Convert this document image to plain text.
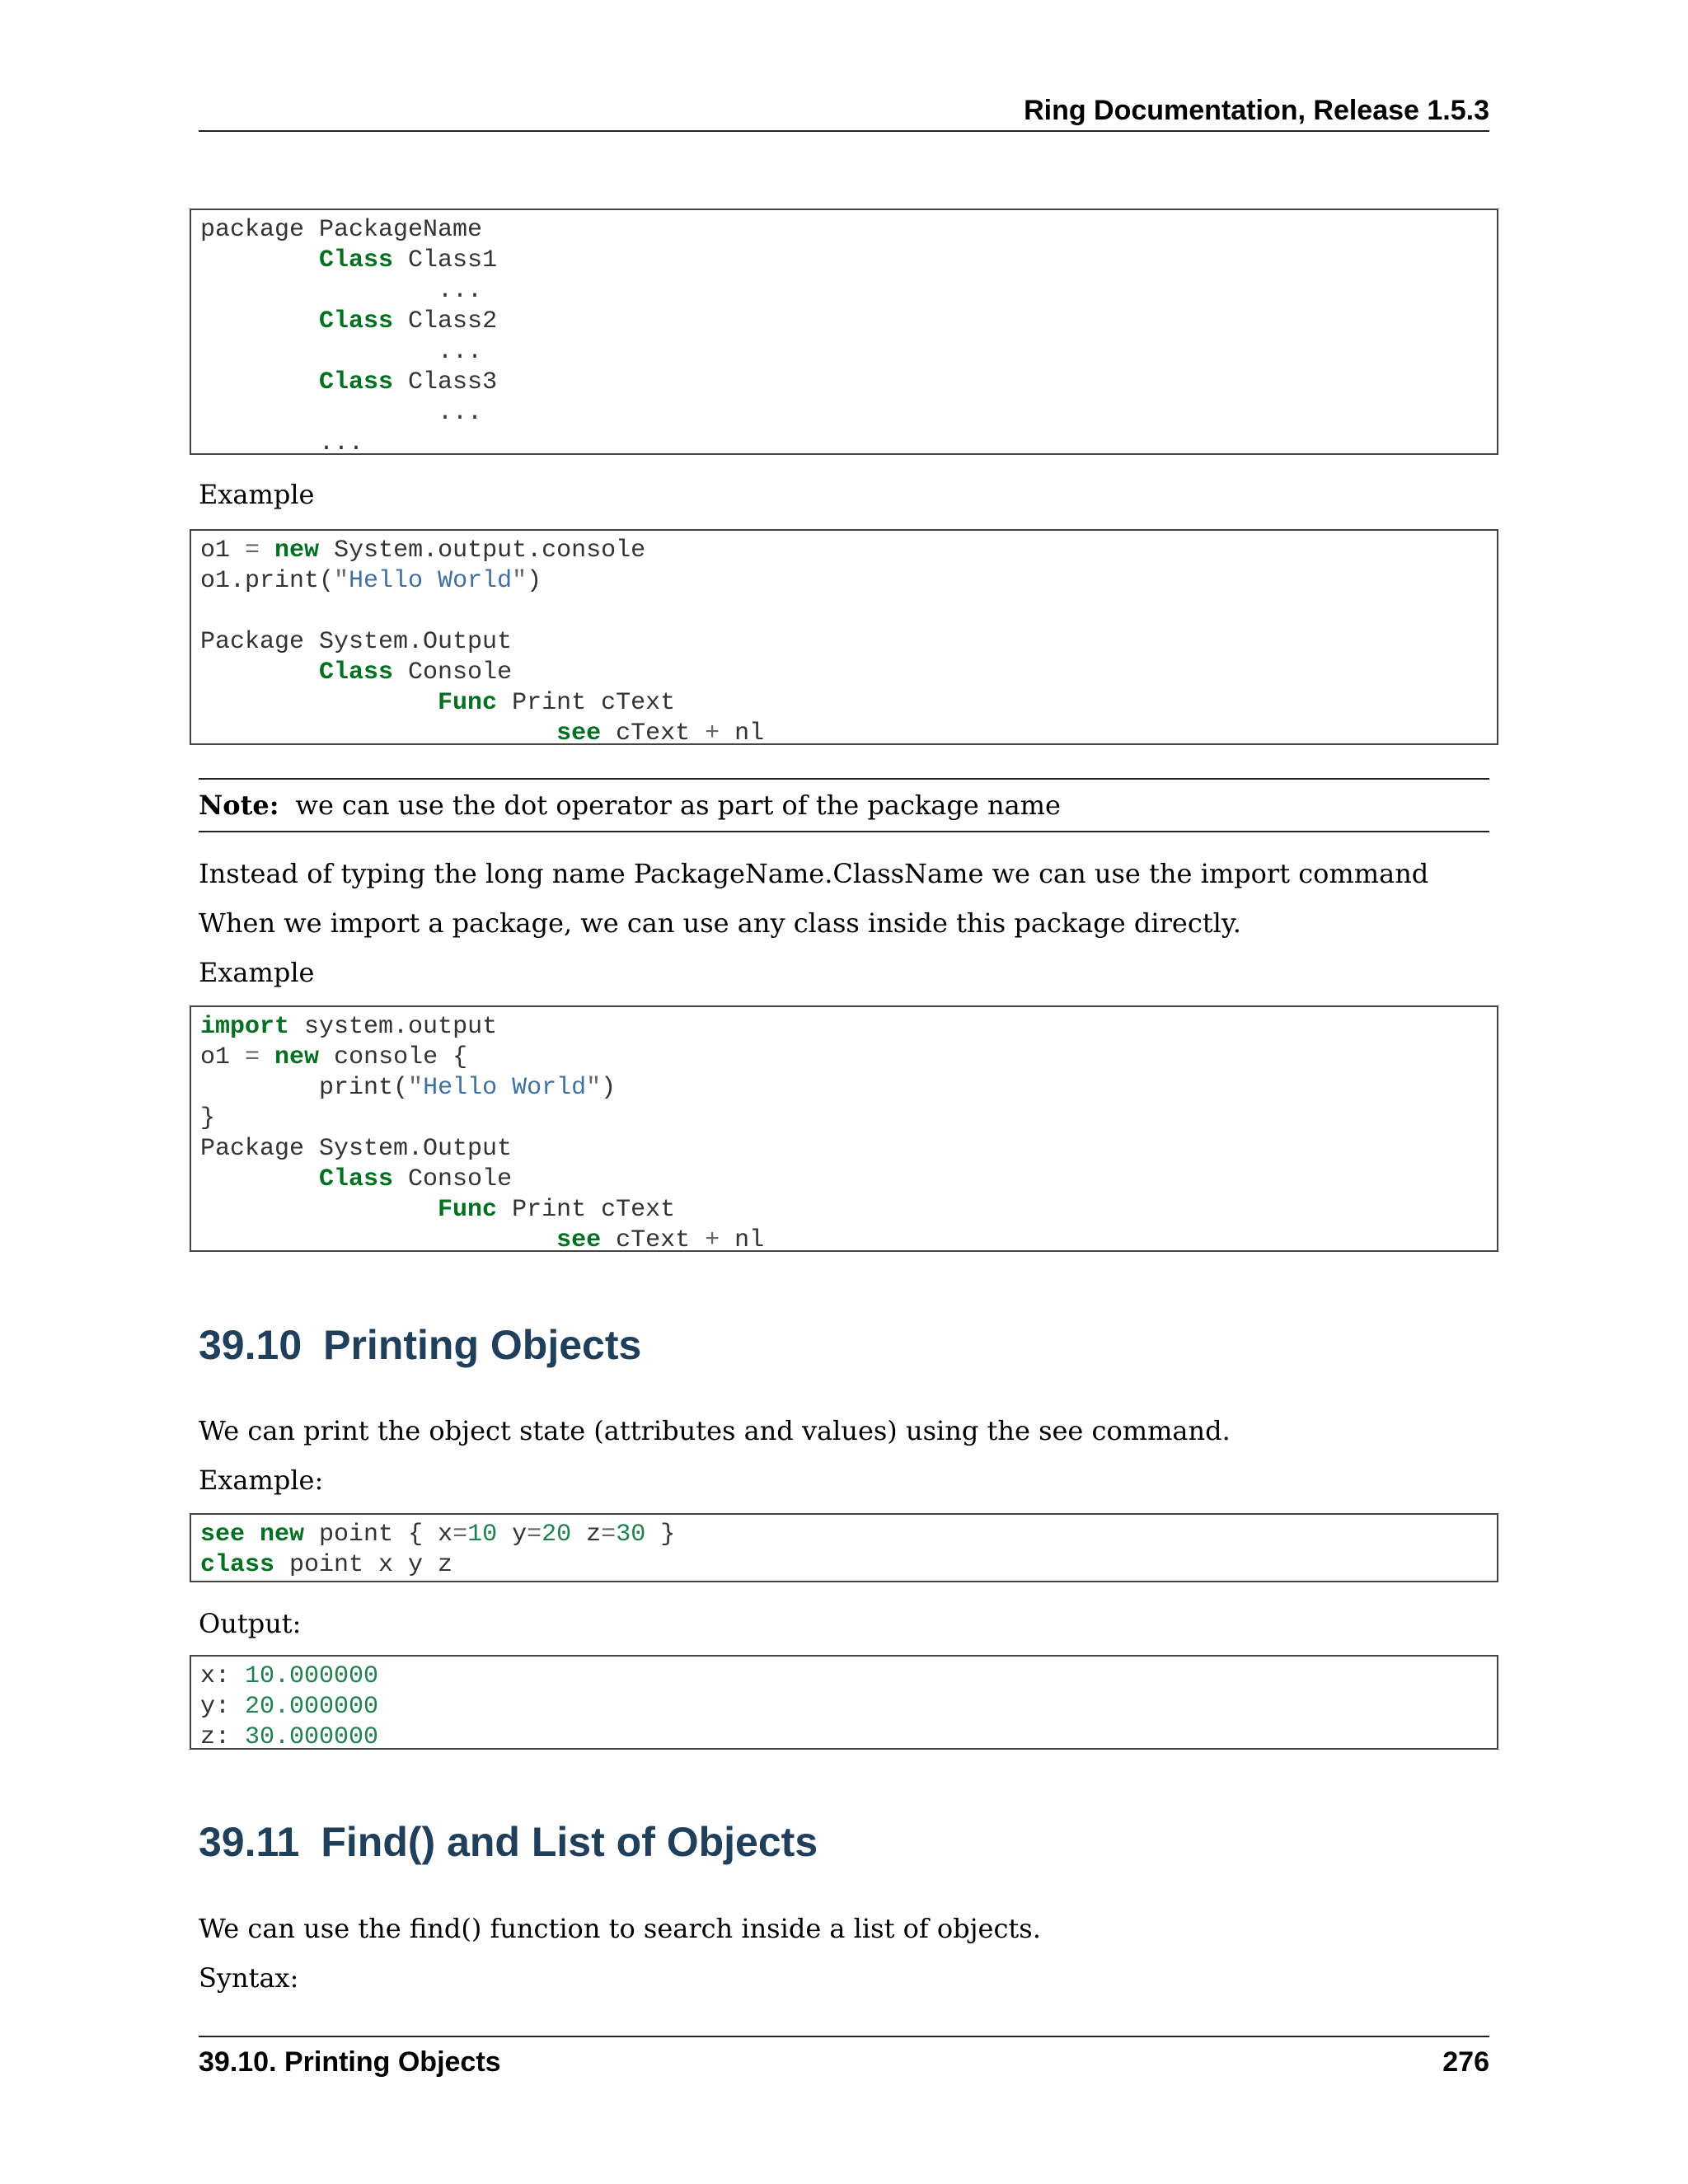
Ring Documentation, Release 1.5.3
package PackageName
Class Class1
...
Class Class2
...
Class Class3
...
...
Example
o1 = new System.output.console
o1.print("Hello World")

Package System.Output
Class Console
Func Print cText
see cText + nl
Note: we can use the dot operator as part of the package name
Instead of typing the long name PackageName.ClassName we can use the import command
When we import a package, we can use any class inside this package directly.
Example
import system.output
o1 = new console {
print("Hello World")
}
Package System.Output
Class Console
Func Print cText
see cText + nl
39.10 Printing Objects
We can print the object state (attributes and values) using the see command.
Example:
see new point { x=10 y=20 z=30 }
class point x y z
Output:
x: 10.000000
y: 20.000000
z: 30.000000
39.11 Find() and List of Objects
We can use the find() function to search inside a list of objects.
Syntax:
39.10. Printing Objects	276
